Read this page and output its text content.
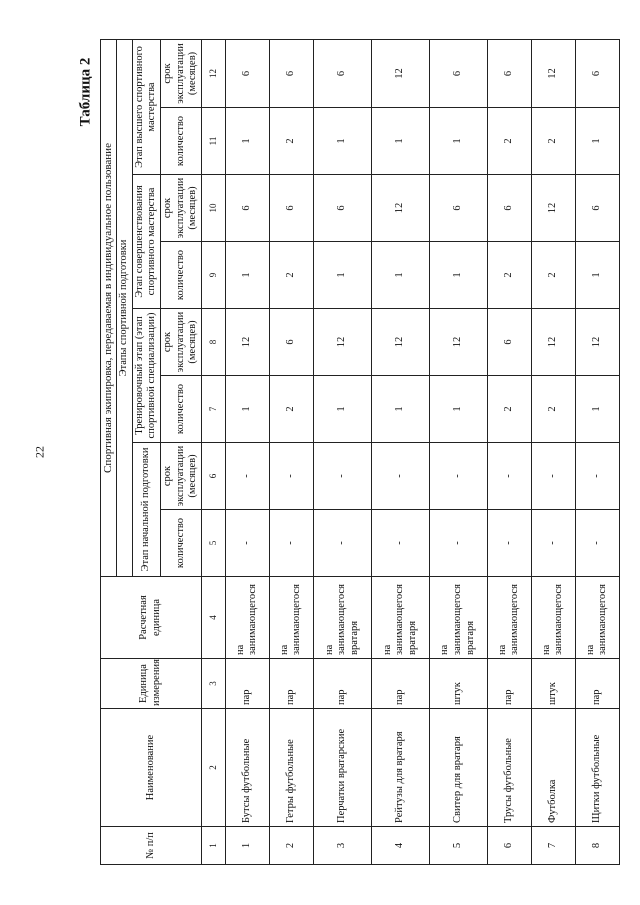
22
Таблица 2
№ п/п	Наименование	Единица измерения	Расчетная единица	Спортивная экипировка, передаваемая в индивидуальное пользование							
				Этапы спортивной подготовки							
				Этап начальной подготовки		Тренировочный этап (этап спортивной специализации)		Этап совершенствования спортивного мастерства		Этап высшего спортивного мастерства	
				количество	срок эксплуатации (месяцев)	количество	срок эксплуатации (месяцев)	количество	срок эксплуатации (месяцев)	количество	срок эксплуатации (месяцев)
1	2	3	4	5	6	7	8	9	10	11	12
1	Бутсы футбольные	пар	на занимающегося	-	-	1	12	1	6	1	6
2	Гетры футбольные	пар	на занимающегося	-	-	2	6	2	6	2	6
3	Перчатки вратарские	пар	на занимающегося вратаря	-	-	1	12	1	6	1	6
4	Рейтузы для вратаря	пар	на занимающегося вратаря	-	-	1	12	1	12	1	12
5	Свитер для вратаря	штук	на занимающегося вратаря	-	-	1	12	1	6	1	6
6	Трусы футбольные	пар	на занимающегося	-	-	2	6	2	6	2	6
7	Футболка	штук	на занимающегося	-	-	2	12	2	12	2	12
8	Щитки футбольные	пар	на занимающегося	-	-	1	12	1	6	1	6
